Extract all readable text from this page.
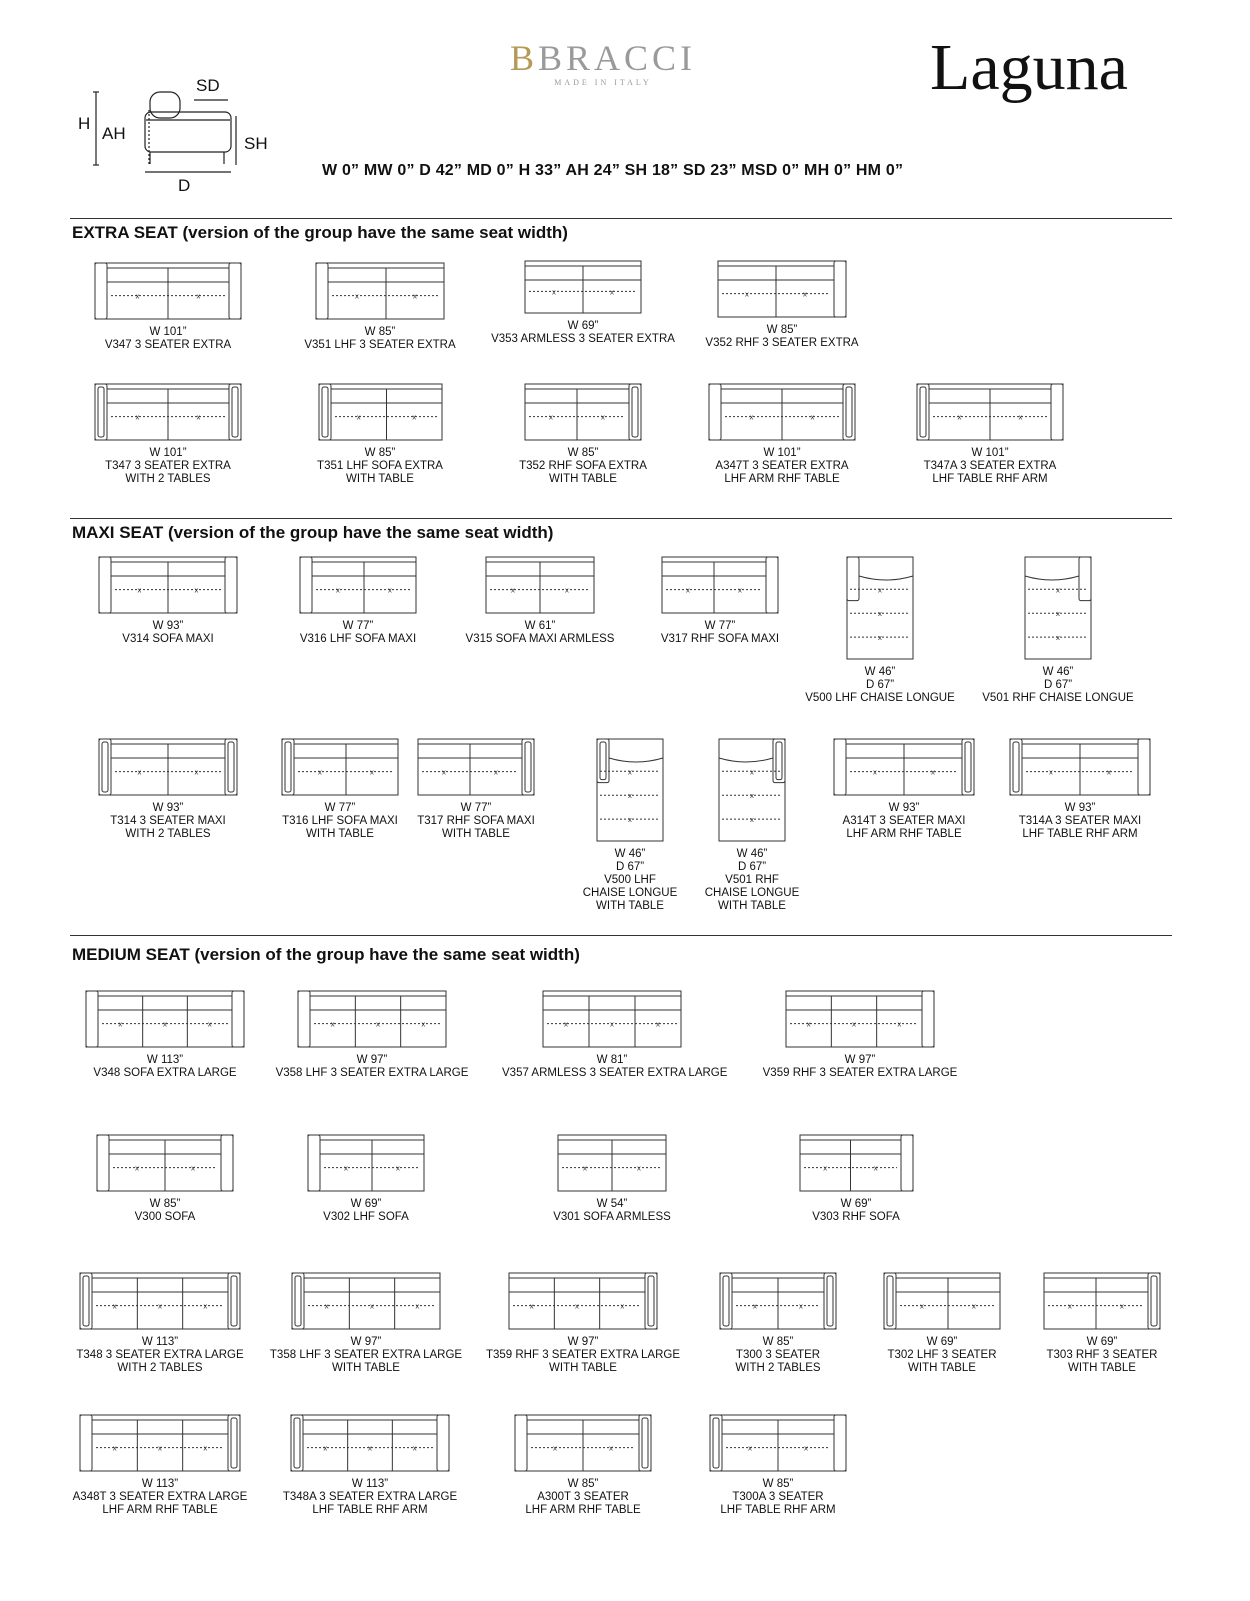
BBRACCI
MADE IN ITALY	Laguna
SD
H
AH
SH
D
W 0” MW 0” D 42” MD 0” H 33” AH 24” SH 18” SD 23” MSD 0” MH 0” HM 0”
EXTRA SEAT (version of the group have the same seat width)
MAXI SEAT (version of the group have the same seat width)
MEDIUM SEAT (version of the group have the same seat width)
x	x
W 101”
V347 3 SEATER EXTRA
x	x
W 85”
V351 LHF 3 SEATER EXTRA
x	x
W 69”
V353 ARMLESS 3 SEATER EXTRA
x	x
W 85”
V352 RHF 3 SEATER EXTRA
x	x
W 101”
T347 3 SEATER EXTRA
WITH 2 TABLES
x	x
W 85”
T351 LHF SOFA EXTRA
WITH TABLE
x	x
W 85”
T352 RHF SOFA EXTRA
WITH TABLE
x	x
W 101”
A347T 3 SEATER EXTRA
LHF ARM RHF TABLE
x	x
W 101”
T347A 3 SEATER EXTRA
LHF TABLE RHF ARM
x	x
W 93”
V314 SOFA MAXI
x	x
W 77”
V316 LHF SOFA MAXI
x	x
W 61”
V315 SOFA MAXI ARMLESS
x	x
W 77”
V317 RHF SOFA MAXI
x
x
x
W 46”
D 67”
V500 LHF CHAISE LONGUE
x
x
x
W 46”
D 67”
V501 RHF CHAISE LONGUE
x	x
W 93”
T314 3 SEATER MAXI
WITH 2 TABLES
x	x
W 77”
T316 LHF SOFA MAXI
WITH TABLE
x	x
W 77”
T317 RHF SOFA MAXI
WITH TABLE
x
x
x
W 46”
D 67”
V500 LHF
CHAISE LONGUE
WITH TABLE
x
x
x
W 46”
D 67”
V501 RHF
CHAISE LONGUE
WITH TABLE
x	x
W 93”
A314T 3 SEATER MAXI
LHF ARM RHF TABLE
x	x
W 93”
T314A 3 SEATER MAXI
LHF TABLE RHF ARM
x	x	x
W 113”
V348 SOFA EXTRA LARGE
x	x	x
W 97”
V358 LHF 3 SEATER EXTRA LARGE
x	x	x
W 81”
V357 ARMLESS 3 SEATER EXTRA LARGE
x	x	x
W 97”
V359 RHF 3 SEATER EXTRA LARGE
x	x
W 85”
V300 SOFA
x	x
W 69”
V302 LHF SOFA
x	x
W 54”
V301 SOFA ARMLESS
x	x
W 69”
V303 RHF SOFA
x	x	x
W 113”
T348 3 SEATER EXTRA LARGE
WITH 2 TABLES
x	x	x
W 97”
T358 LHF 3 SEATER EXTRA LARGE
WITH TABLE
x	x	x
W 97”
T359 RHF 3 SEATER EXTRA LARGE
WITH TABLE
x	x
W 85”
T300 3 SEATER
WITH 2 TABLES
x	x
W 69”
T302 LHF 3 SEATER
WITH TABLE
x	x
W 69”
T303 RHF 3 SEATER
WITH TABLE
x	x	x
W 113”
A348T 3 SEATER EXTRA LARGE
LHF ARM RHF TABLE
x	x	x
W 113”
T348A 3 SEATER EXTRA LARGE
LHF TABLE RHF ARM
x	x
W 85”
A300T 3 SEATER
LHF ARM RHF TABLE
x	x
W 85”
T300A 3 SEATER
LHF TABLE RHF ARM
